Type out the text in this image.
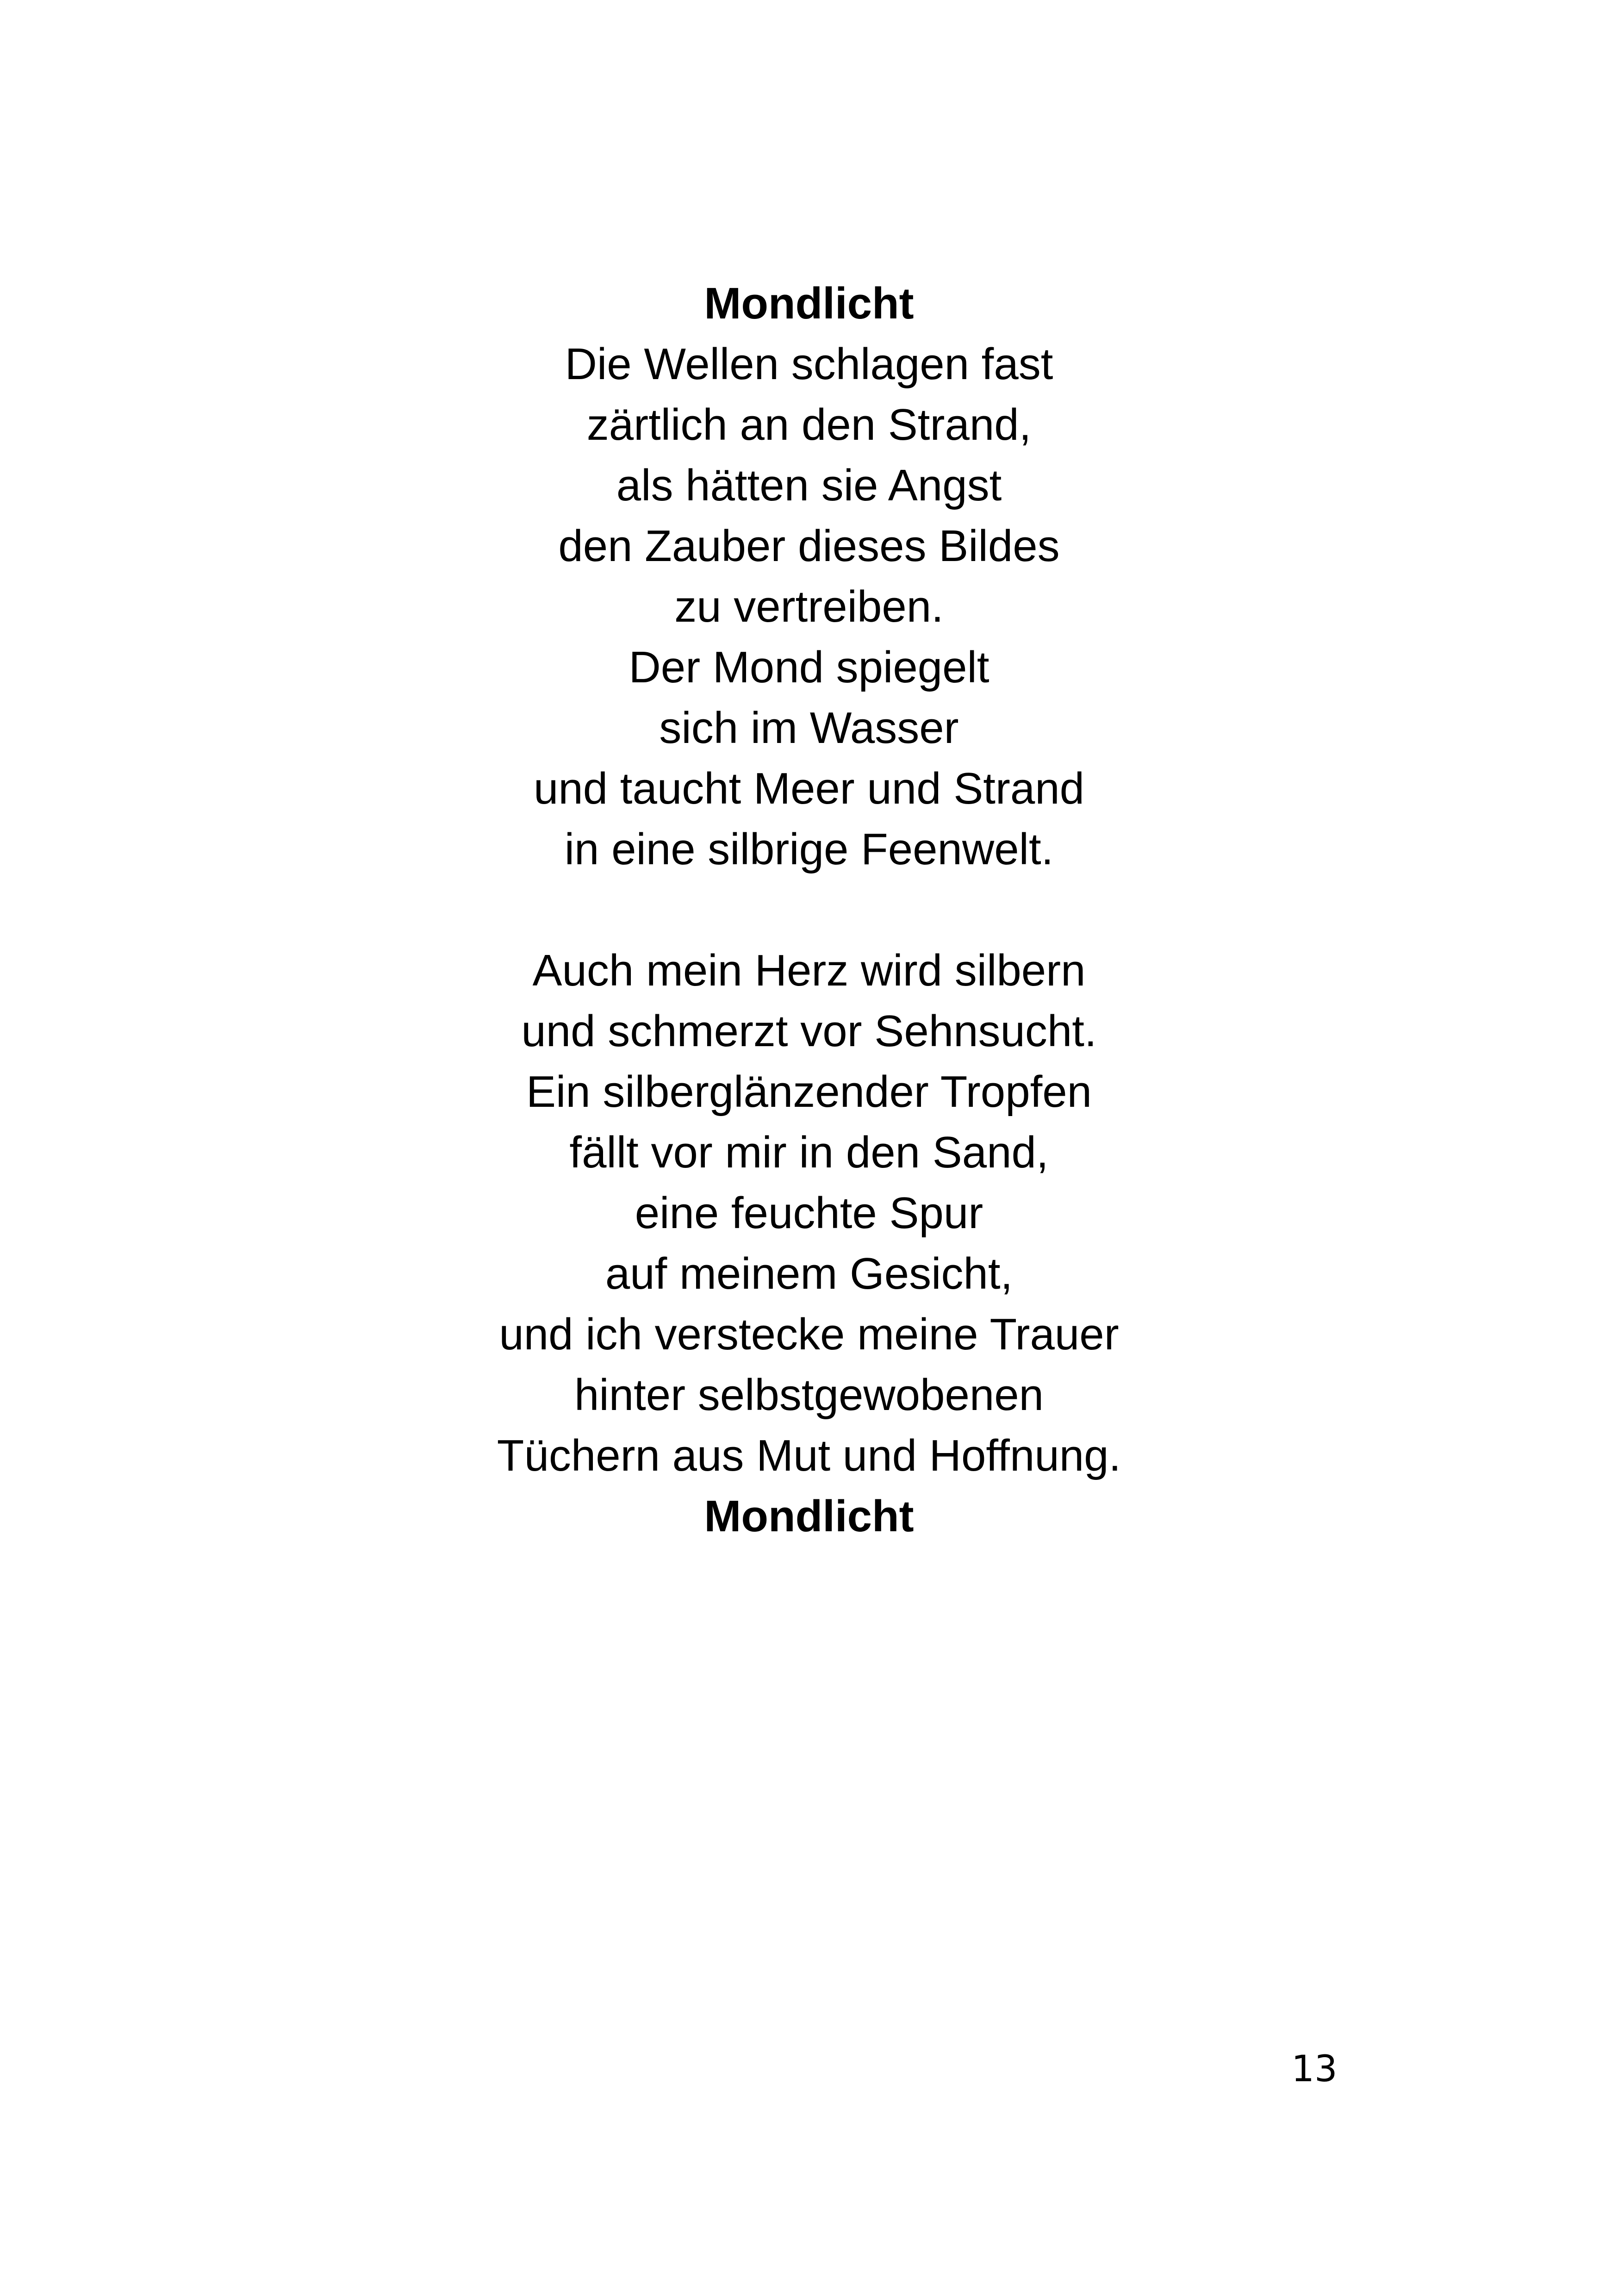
Mondlicht
Die Wellen schlagen fast
zärtlich an den Strand,
als hätten sie Angst
den Zauber dieses Bildes
zu vertreiben.
Der Mond spiegelt
sich im Wasser
und taucht Meer und Strand
in eine silbrige Feenwelt.
Auch mein Herz wird silbern
und schmerzt vor Sehnsucht.
Ein silberglänzender Tropfen
fällt vor mir in den Sand,
eine feuchte Spur
auf meinem Gesicht,
und ich verstecke meine Trauer
hinter selbstgewobenen
Tüchern aus Mut und Hoffnung.
Mondlicht
13
